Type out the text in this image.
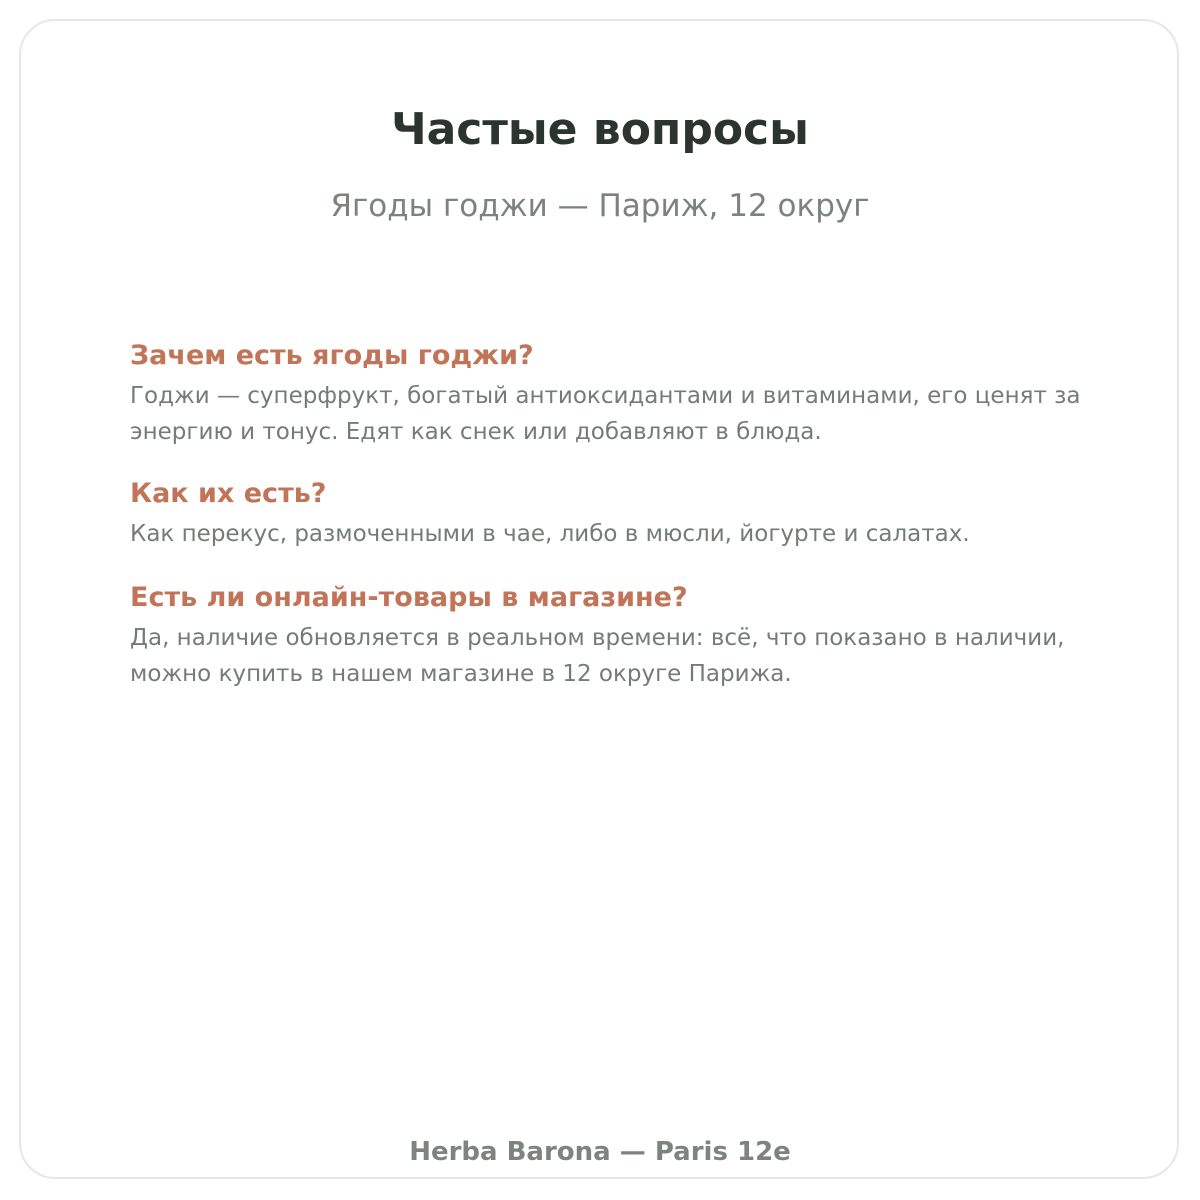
Частые вопросы

Ягоды годжи — Париж, 12 округ

Зачем есть ягоды годжи?

Годжи — суперфрукт, богатый антиоксидантами и витаминами, его ценят за энергию и тонус. Едят как снек или добавляют в блюда.

Как их есть?

Как перекус, размоченными в чае, либо в мюсли, йогурте и салатах.

Есть ли онлайн-товары в магазине?

Да, наличие обновляется в реальном времени: всё, что показано в наличии, можно купить в нашем магазине в 12 округе Парижа.

Herba Barona — Paris 12e
